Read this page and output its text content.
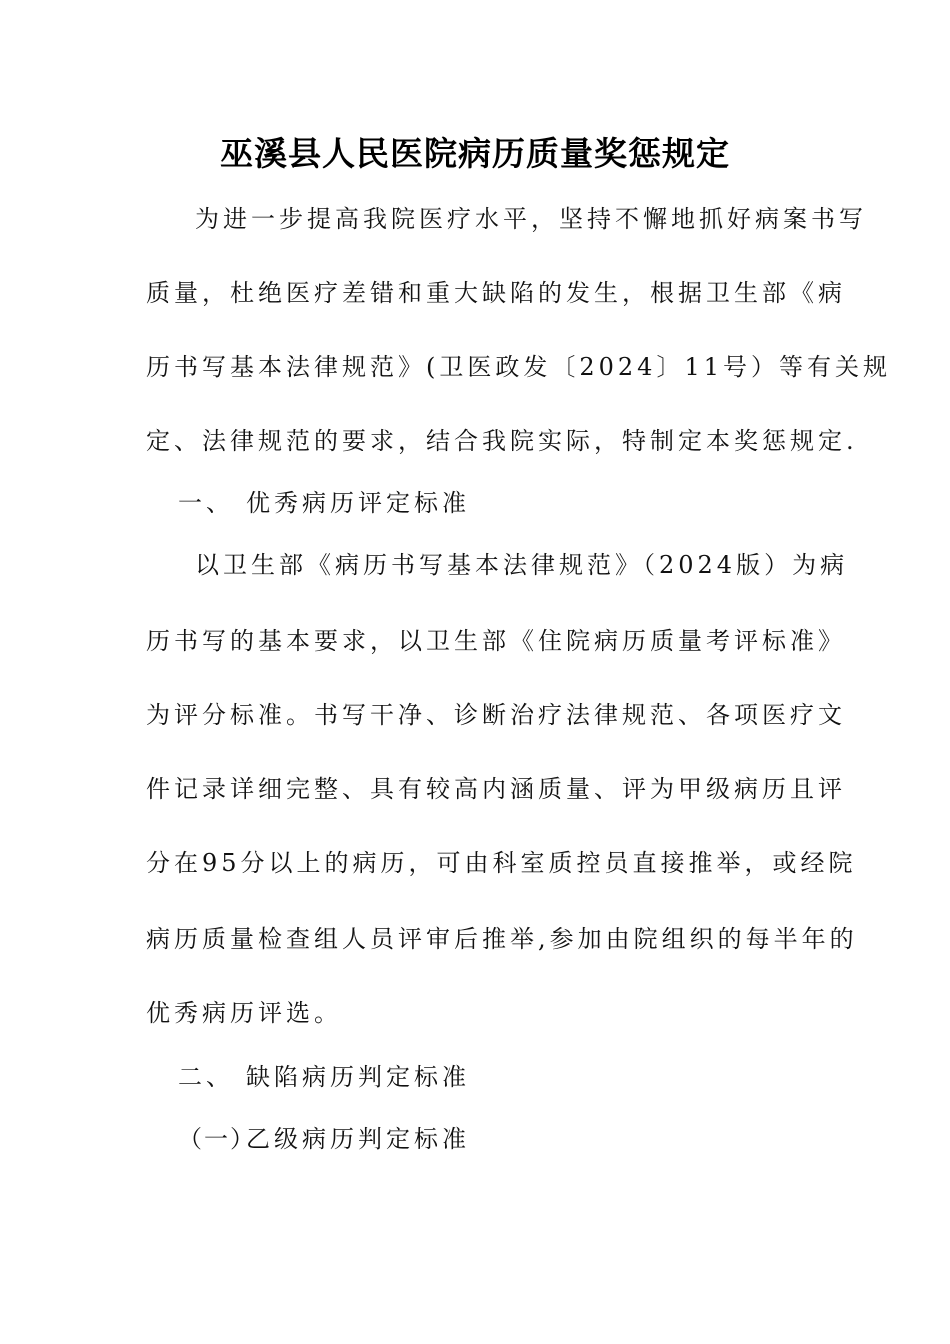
巫溪县人民医院病历质量奖惩规定
为进一步提高我院医疗水平，坚持不懈地抓好病案书写
质量，杜绝医疗差错和重大缺陷的发生，根据卫生部《病
历书写基本法律规范》(卫医政发〔2024〕11号）等有关规
定、法律规范的要求，结合我院实际，特制定本奖惩规定.
一、 优秀病历评定标准
以卫生部《病历书写基本法律规范》（2024版）为病
历书写的基本要求，以卫生部《住院病历质量考评标准》
为评分标准。书写干净、诊断治疗法律规范、各项医疗文
件记录详细完整、具有较高内涵质量、评为甲级病历且评
分在95分以上的病历，可由科室质控员直接推举，或经院
病历质量检查组人员评审后推举,参加由院组织的每半年的
优秀病历评选。
二、 缺陷病历判定标准
（一）
乙级病历判定标准
